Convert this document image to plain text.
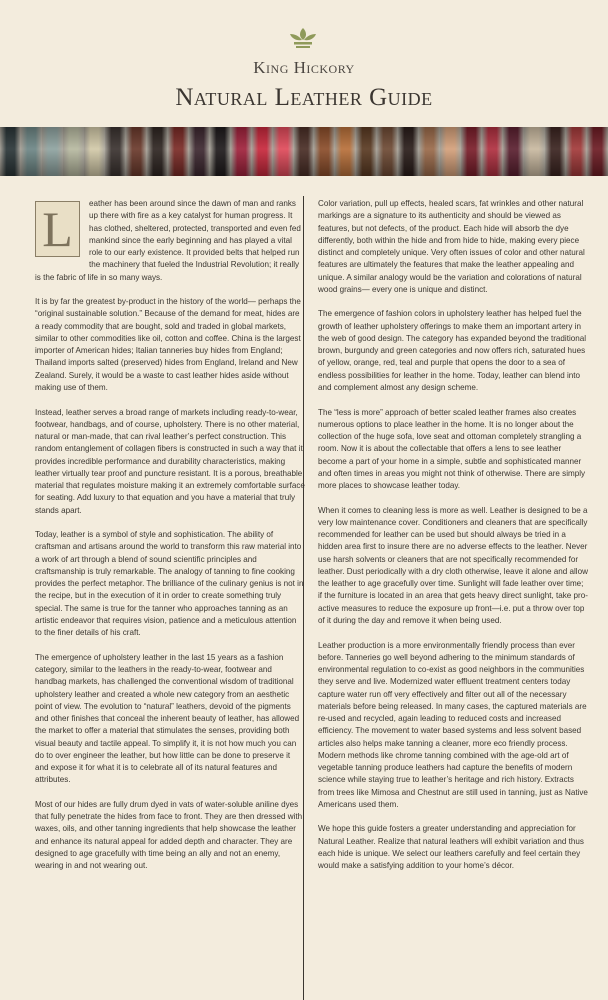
King Hickory
Natural Leather Guide

L	eather has been around since the dawn of man and ranks up there with fire as a key catalyst for human progress. It has clothed, sheltered, protected, transported and even fed mankind since the early beginning and has played a vital role to our early existence. It provided belts that helped run the machinery that fueled the Industrial Revolution; it really is the fabric of life in so many ways.

It is by far the greatest by-product in the history of the world— perhaps the “original sustainable solution.” Because of the demand for meat, hides are a ready commodity that are bought, sold and traded in global markets, similar to other commodities like oil, cotton and coffee. China is the largest importer of American hides; Italian tanneries buy hides from England; Thailand imports salted (preserved) hides from England, Ireland and New Zealand. Surely, it would be a waste to cast leather hides aside without making use of them.

Instead, leather serves a broad range of markets including ready-to-wear, footwear, handbags, and of course, upholstery. There is no other material, natural or man-made, that can rival leather’s perfect construction. This random entanglement of collagen fibers is constructed in such a way that it provides incredible performance and durability characteristics, making leather virtually tear proof and puncture resistant. It is a porous, breathable material that regulates moisture making it an extremely comfortable surface for seating. Add luxury to that equation and you have a material that truly stands apart.

Today, leather is a symbol of style and sophistication. The ability of craftsman and artisans around the world to transform this raw material into a work of art through a blend of sound scientific principles and craftsmanship is truly remarkable. The analogy of tanning to fine cooking provides the perfect metaphor. The brilliance of the culinary genius is not in the recipe, but in the execution of it in order to create something truly special. The same is true for the tanner who approaches tanning as an artistic endeavor that requires vision, patience and a meticulous attention to the finer details of his craft.

The emergence of upholstery leather in the last 15 years as a fashion category, similar to the leathers in the ready-to-wear, footwear and handbag markets, has challenged the conventional wisdom of traditional upholstery leather and created a whole new category from an aesthetic point of view. The evolution to “natural” leathers, devoid of the pigments and other finishes that conceal the inherent beauty of leather, has allowed the market to offer a material that stimulates the senses, providing both visual beauty and tactile appeal. To simplify it, it is not how much you can do to over engineer the leather, but how little can be done to preserve it and expose it for what it is to celebrate all of its natural features and attributes.

Most of our hides are fully drum dyed in vats of water-soluble aniline dyes that fully penetrate the hides from face to front. They are then dressed with waxes, oils, and other tanning ingredients that help showcase the leather and enhance its natural appeal for added depth and character. They are designed to age gracefully with time being an ally and not an enemy, wearing in and not wearing out.

Color variation, pull up effects, healed scars, fat wrinkles and other natural markings are a signature to its authenticity and should be viewed as features, but not defects, of the product. Each hide will absorb the dye differently, both within the hide and from hide to hide, making every piece distinct and completely unique. Very often issues of color and other natural features are ultimately the features that make the leather appealing and unique. A similar analogy would be the variation and colorations of natural wood grains— every one is unique and distinct.

The emergence of fashion colors in upholstery leather has helped fuel the growth of leather upholstery offerings to make them an important artery in the web of good design. The category has expanded beyond the traditional brown, burgundy and green categories and now offers rich, saturated hues of yellow, orange, red, teal and purple that opens the door to a sea of endless possibilities for leather in the home. Today, leather can blend into and complement almost any design scheme.

The “less is more” approach of better scaled leather frames also creates numerous options to place leather in the home. It is no longer about the collection of the huge sofa, love seat and ottoman completely strangling a room. Now it is about the collectable that offers a lens to see leather become a part of your home in a simple, subtle and sophisticated manner and often times in areas you might not think of otherwise. There are simply more places to showcase leather today.

When it comes to cleaning less is more as well. Leather is designed to be a very low maintenance cover. Conditioners and cleaners that are specifically recommended for leather can be used but should always be tried in a hidden area first to insure there are no adverse effects to the leather. Never use harsh solvents or cleaners that are not specifically recommended for leather. Dust periodically with a dry cloth otherwise, leave it alone and allow the leather to age gracefully over time. Sunlight will fade leather over time; if the furniture is located in an area that gets heavy direct sunlight, take pro-active measures to reduce the exposure up front—i.e. put a throw over top of it during the day and remove it when being used.

Leather production is a more environmentally friendly process than ever before. Tanneries go well beyond adhering to the minimum standards of environmental regulation to co-exist as good neighbors in the communities they serve and live. Modernized water effluent treatment centers today capture water run off very effectively and filter out all of the necessary materials before being released. In many cases, the captured materials are re-used and recycled, again leading to reduced costs and increased efficiency. The movement to water based systems and less solvent based articles also helps make tanning a cleaner, more eco friendly process. Modern methods like chrome tanning combined with the age-old art of vegetable tanning produce leathers had capture the benefits of modern science while staying true to leather’s heritage and rich history. Extracts from trees like Mimosa and Chestnut are still used in tanning, just as Native Americans used them.

We hope this guide fosters a greater understanding and appreciation for Natural Leather. Realize that natural leathers will exhibit variation and thus each hide is unique. We select our leathers carefully and feel certain they would make a satisfying addition to your home’s décor.
